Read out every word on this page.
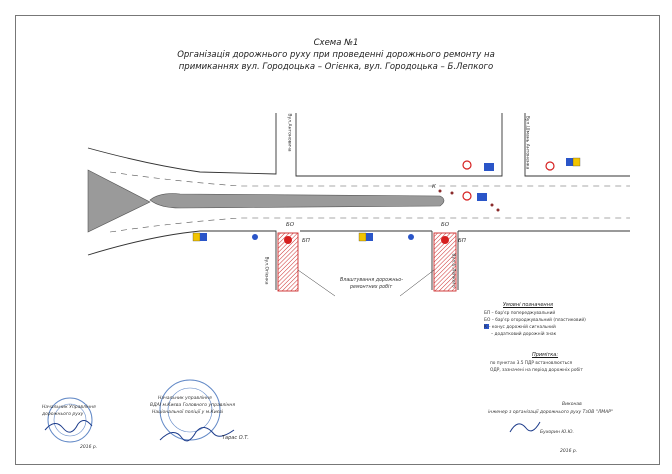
Схема №1
Організація дорожнього руху при проведенні дорожнього ремонту на
примиканнях вул. Городоцька – Огієнка, вул. Городоцька – Б.Лепкого
Вул.Антоновича	Вул.Шмань Антоненка
Вул.Огієнка	Вул.Б.Лепкого
БО
БП
БО
БП
К
Влаштування дорожньо-
ремонтних робіт
Умовні позначення
БП – бар'єр попереджувальний
БО – бар'єр огороджувальний (пластиковий)
К – конус дорожній сигнальний
– додатковий дорожній знак
Примітка:
по пунктах 3.5 ПДР встановлюється
ОДР, зазначені на період дорожніх робіт
Начальник Управління
дорожнього руху
2016 р.
Начальник управління
ВДАІ м.Києва Головного управління
Національної поліції у м.Києві
Тарас О.Т.
Виконав
інженер з організації дорожнього руху ТзОВ "ЛМАР"
Бухорин Ю.Ю.
2016 р.
